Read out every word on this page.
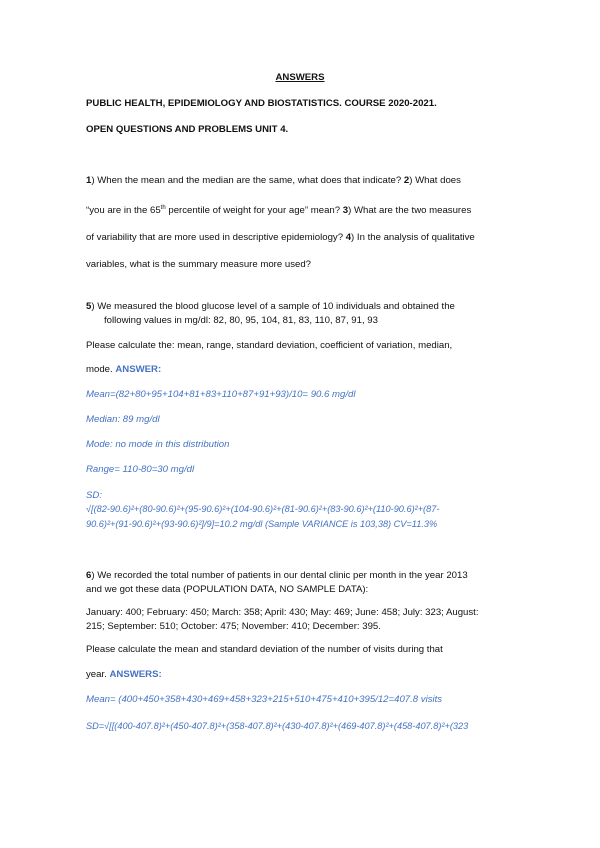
ANSWERS
PUBLIC HEALTH, EPIDEMIOLOGY AND BIOSTATISTICS. COURSE 2020-2021.
OPEN QUESTIONS AND PROBLEMS UNIT 4.
1) When the mean and the median are the same, what does that indicate? 2) What does
“you are in the 65th percentile of weight for your age” mean? 3) What are the two measures
of variability that are more used in descriptive epidemiology? 4) In the analysis of qualitative
variables, what is the summary measure more used?
5) We measured the blood glucose level of a sample of 10 individuals and obtained the
following values in mg/dl: 82, 80, 95, 104, 81, 83, 110, 87, 91, 93
Please calculate the: mean, range, standard deviation, coefficient of variation, median,
mode. ANSWER:
Mean=(82+80+95+104+81+83+110+87+91+93)/10= 90.6 mg/dl
Median: 89 mg/dl
Mode: no mode in this distribution
Range= 110-80=30 mg/dl
SD:
√[(82-90.6)²+(80-90.6)²+(95-90.6)²+(104-90.6)²+(81-90.6)²+(83-90.6)²+(110-90.6)²+(87-
90.6)²+(91-90.6)²+(93-90.6)²]/9]=10.2 mg/dl (Sample VARIANCE is 103,38) CV=11.3%
6) We recorded the total number of patients in our dental clinic per month in the year 2013
and we got these data (POPULATION DATA, NO SAMPLE DATA):
January: 400; February: 450; March: 358; April: 430; May: 469; June: 458; July: 323; August:
215; September: 510; October: 475; November: 410; December: 395.
Please calculate the mean and standard deviation of the number of visits during that
year. ANSWERS:
Mean= (400+450+358+430+469+458+323+215+510+475+410+395/12=407.8 visits
SD=√[[(400-407.8)²+(450-407.8)²+(358-407.8)²+(430-407.8)²+(469-407.8)²+(458-407.8)²+(323
